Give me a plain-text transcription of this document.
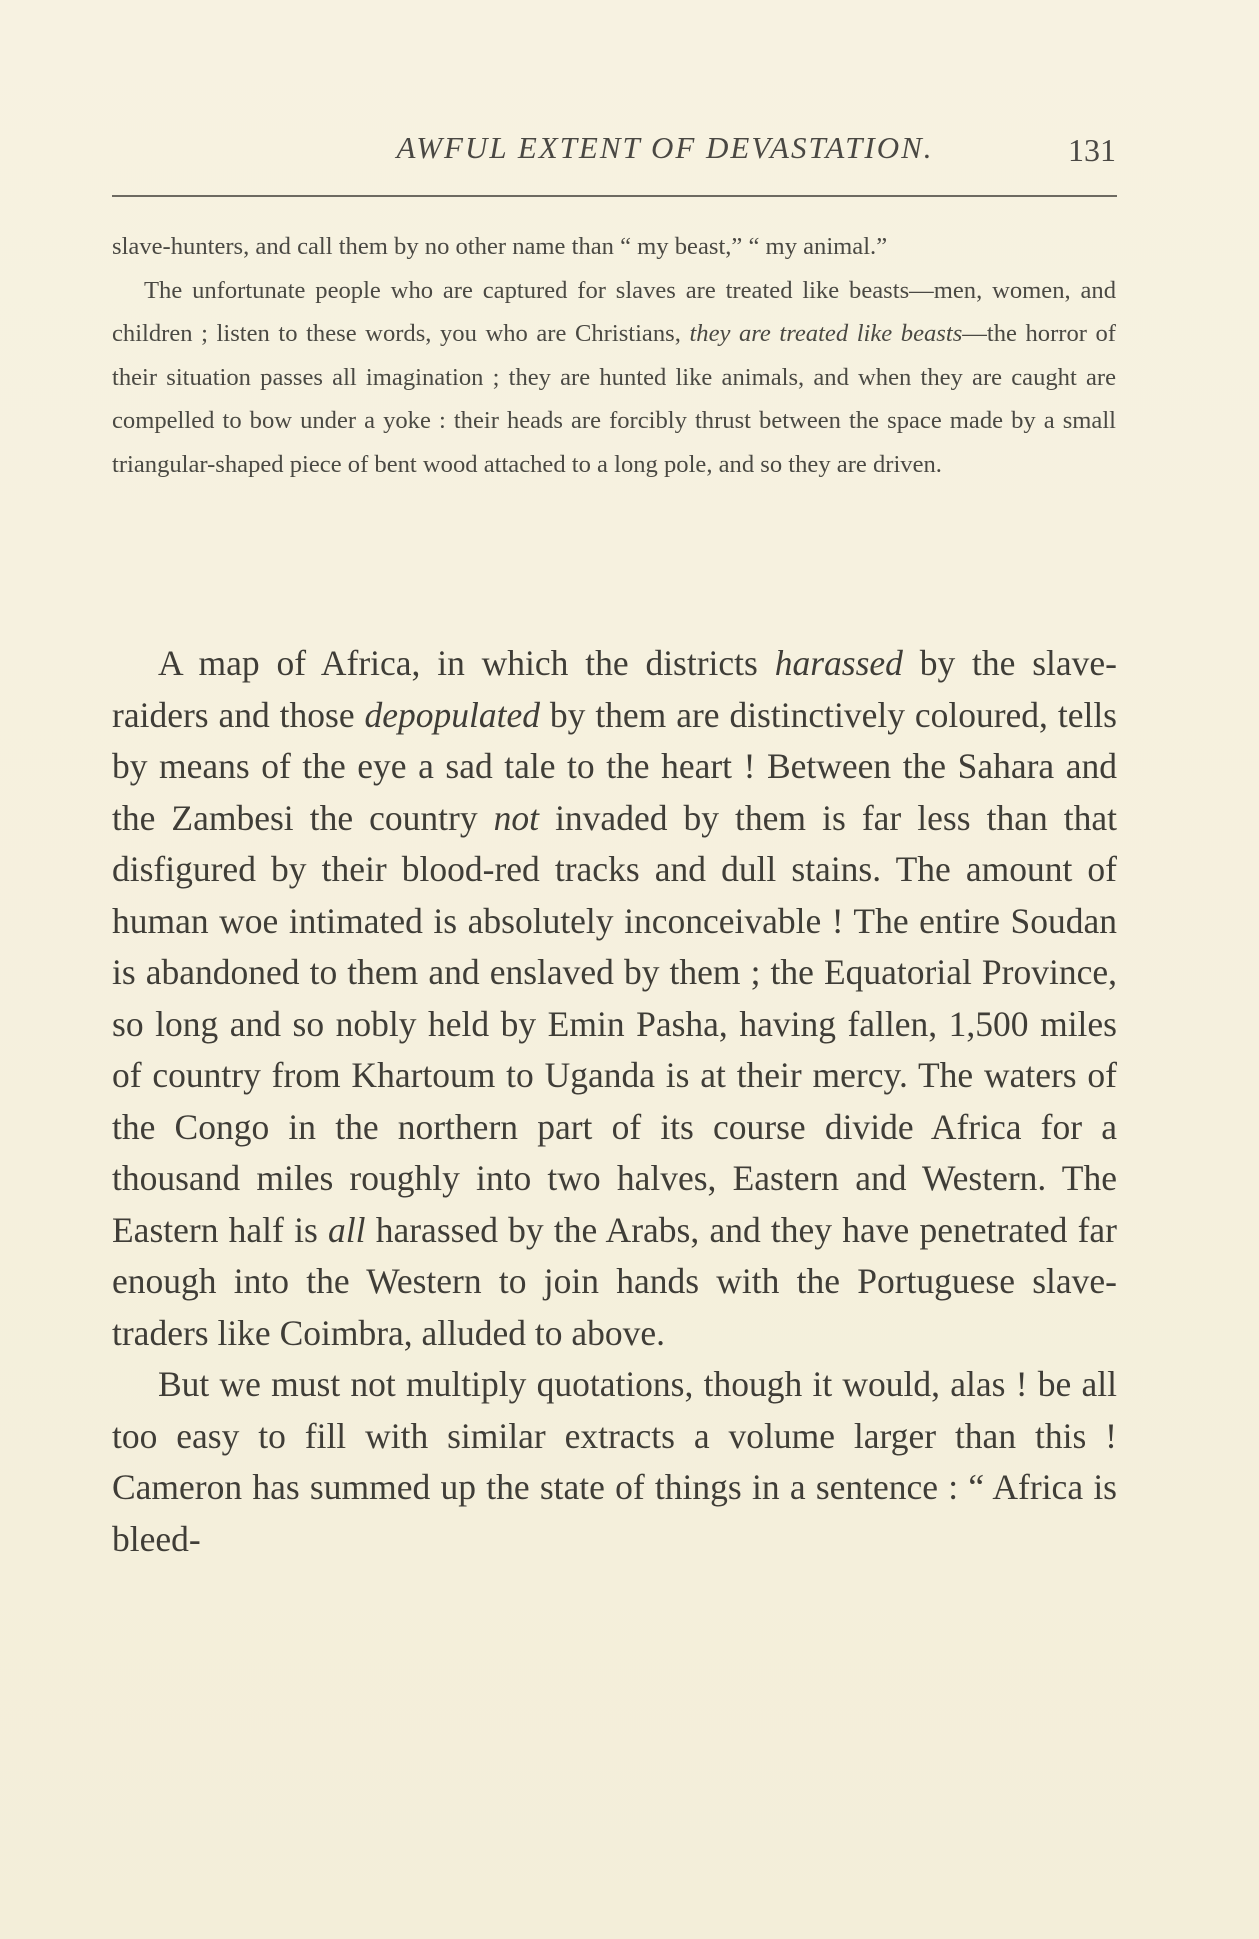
AWFUL EXTENT OF DEVASTATION.	131

slave-hunters, and call them by no other name than “ my beast,” “ my animal.”

The unfortunate people who are captured for slaves are treated like beasts—men, women, and children ; listen to these words, you who are Christians, they are treated like beasts—the horror of their situation passes all imagination ; they are hunted like animals, and when they are caught are compelled to bow under a yoke : their heads are forcibly thrust between the space made by a small triangular-shaped piece of bent wood attached to a long pole, and so they are driven.

A map of Africa, in which the districts harassed by the slave-raiders and those depopulated by them are distinctively coloured, tells by means of the eye a sad tale to the heart ! Between the Sahara and the Zambesi the country not invaded by them is far less than that disfigured by their blood-red tracks and dull stains. The amount of human woe intimated is absolutely inconceivable ! The entire Soudan is abandoned to them and enslaved by them ; the Equatorial Province, so long and so nobly held by Emin Pasha, having fallen, 1,500 miles of country from Khartoum to Uganda is at their mercy. The waters of the Congo in the northern part of its course divide Africa for a thousand miles roughly into two halves, Eastern and Western. The Eastern half is all harassed by the Arabs, and they have penetrated far enough into the Western to join hands with the Portuguese slave-traders like Coimbra, alluded to above.

But we must not multiply quotations, though it would, alas ! be all too easy to fill with similar extracts a volume larger than this ! Cameron has summed up the state of things in a sentence : “ Africa is bleed-
